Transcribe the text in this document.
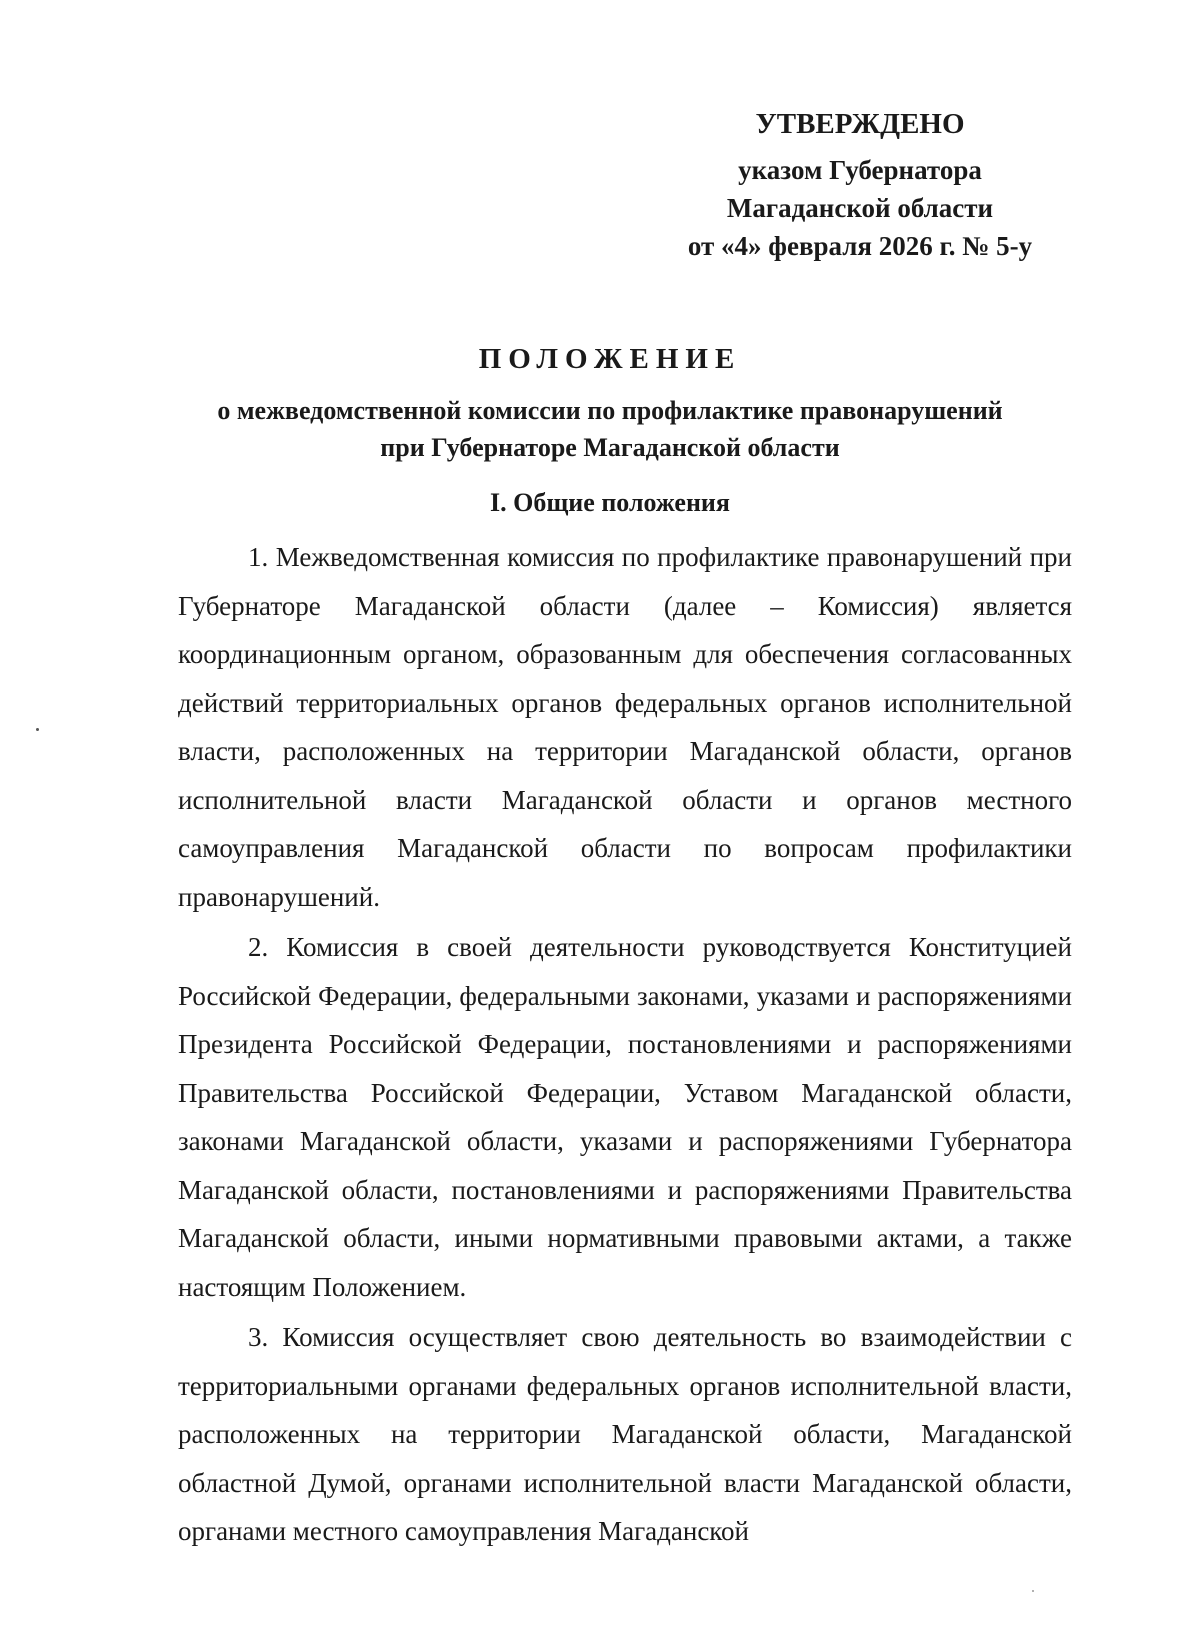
УТВЕРЖДЕНО
указом Губернатора
Магаданской области
от «4» февраля 2026 г. № 5-у
ПОЛОЖЕНИЕ
о межведомственной комиссии по профилактике правонарушений
при Губернаторе Магаданской области
I. Общие положения

1. Межведомственная комиссия по профилактике правонарушений при Губернаторе Магаданской области (далее – Комиссия) является координационным органом, образованным для обеспечения согласованных действий территориальных органов федеральных органов исполнительной власти, расположенных на территории Магаданской области, органов исполнительной власти Магаданской области и органов местного самоуправления Магаданской области по вопросам профилактики правонарушений.

2. Комиссия в своей деятельности руководствуется Конституцией Российской Федерации, федеральными законами, указами и распоряжениями Президента Российской Федерации, постановлениями и распоряжениями Правительства Российской Федерации, Уставом Магаданской области, законами Магаданской области, указами и распоряжениями Губернатора Магаданской области, постановлениями и распоряжениями Правительства Магаданской области, иными нормативными правовыми актами, а также настоящим Положением.

3. Комиссия осуществляет свою деятельность во взаимодействии с территориальными органами федеральных органов исполнительной власти, расположенных на территории Магаданской области, Магаданской областной Думой, органами исполнительной власти Магаданской области, органами местного самоуправления Магаданской
